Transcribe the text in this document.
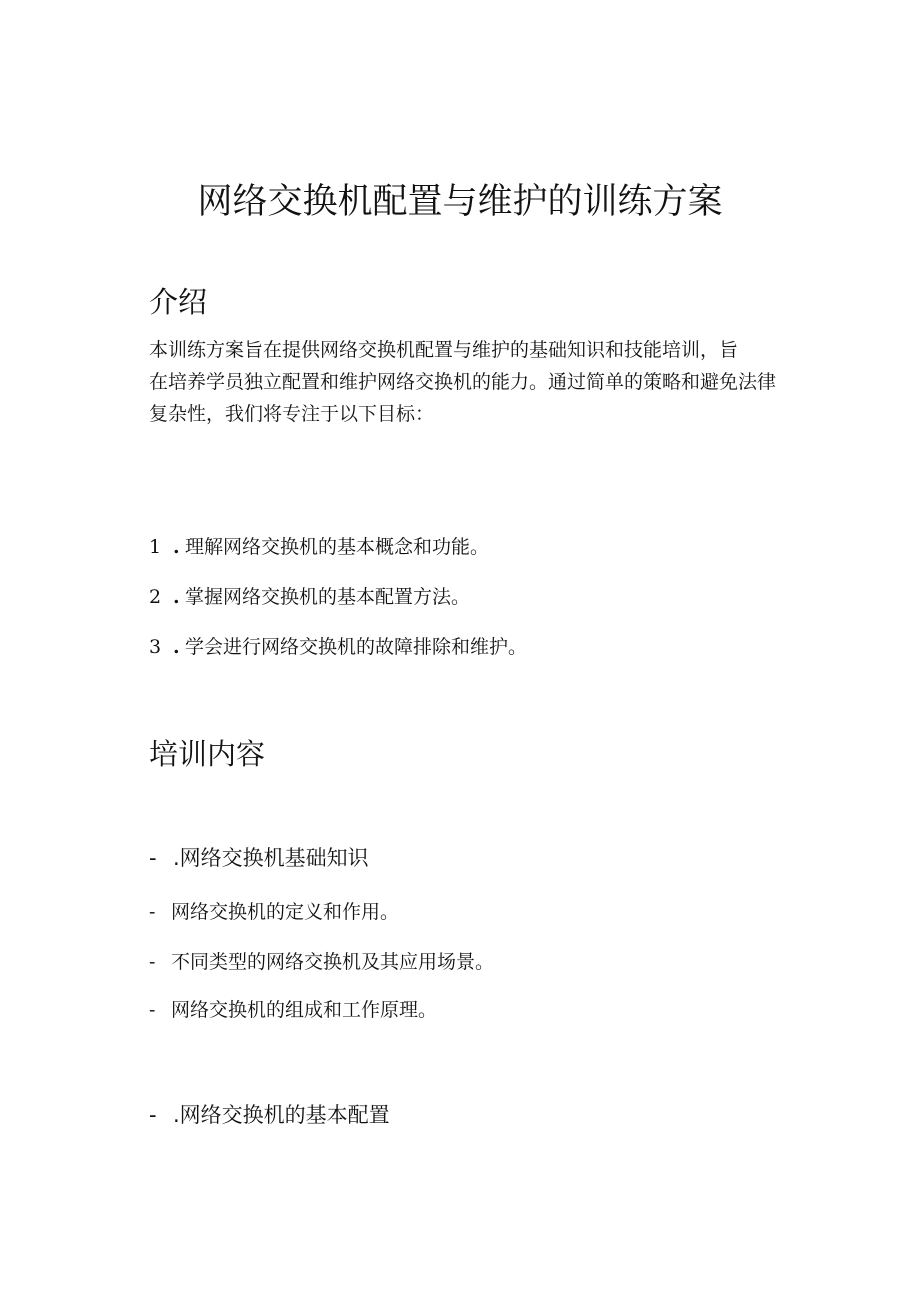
网络交换机配置与维护的训练方案
介绍
本训练方案旨在提供网络交换机配置与维护的基础知识和技能培训，旨
在培养学员独立配置和维护网络交换机的能力。通过简单的策略和避免法律
复杂性，我们将专注于以下目标：
1 . 理解网络交换机的基本概念和功能。
2 . 掌握网络交换机的基本配置方法。
3 . 学会进行网络交换机的故障排除和维护。
培训内容
- .网络交换机基础知识
- 网络交换机的定义和作用。
- 不同类型的网络交换机及其应用场景。
- 网络交换机的组成和工作原理。
- .网络交换机的基本配置
